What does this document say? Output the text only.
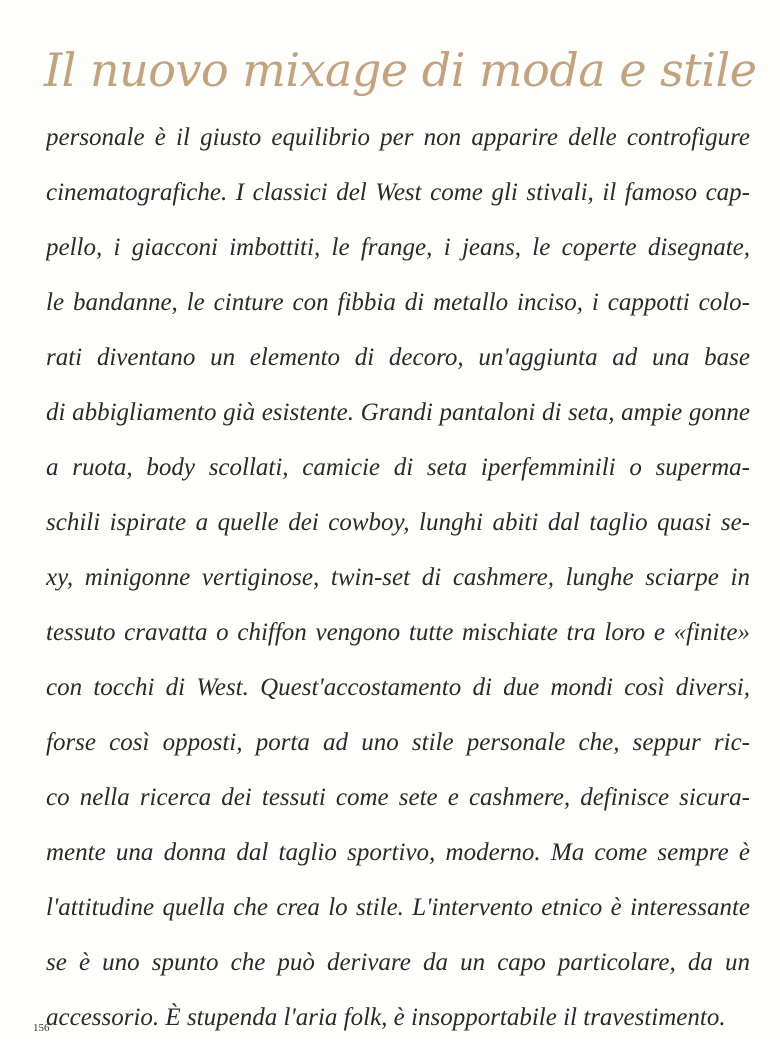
Il nuovo mixage di moda e stile
personale è il giusto equilibrio per non apparire delle controfigure
cinematografiche. I classici del West come gli stivali, il famoso cap-
pello, i giacconi imbottiti, le frange, i jeans, le coperte disegnate,
le bandanne, le cinture con fibbia di metallo inciso, i cappotti colo-
rati diventano un elemento di decoro, un'aggiunta ad una base
di abbigliamento già esistente. Grandi pantaloni di seta, ampie gonne
a ruota, body scollati, camicie di seta iperfemminili o superma-
schili ispirate a quelle dei cowboy, lunghi abiti dal taglio quasi se-
xy, minigonne vertiginose, twin-set di cashmere, lunghe sciarpe in
tessuto cravatta o chiffon vengono tutte mischiate tra loro e «finite»
con tocchi di West. Quest'accostamento di due mondi così diversi,
forse così opposti, porta ad uno stile personale che, seppur ric-
co nella ricerca dei tessuti come sete e cashmere, definisce sicura-
mente una donna dal taglio sportivo, moderno. Ma come sempre è
l'attitudine quella che crea lo stile. L'intervento etnico è interessante
se è uno spunto che può derivare da un capo particolare, da un
accessorio. È stupenda l'aria folk, è insopportabile il travestimento.
156
